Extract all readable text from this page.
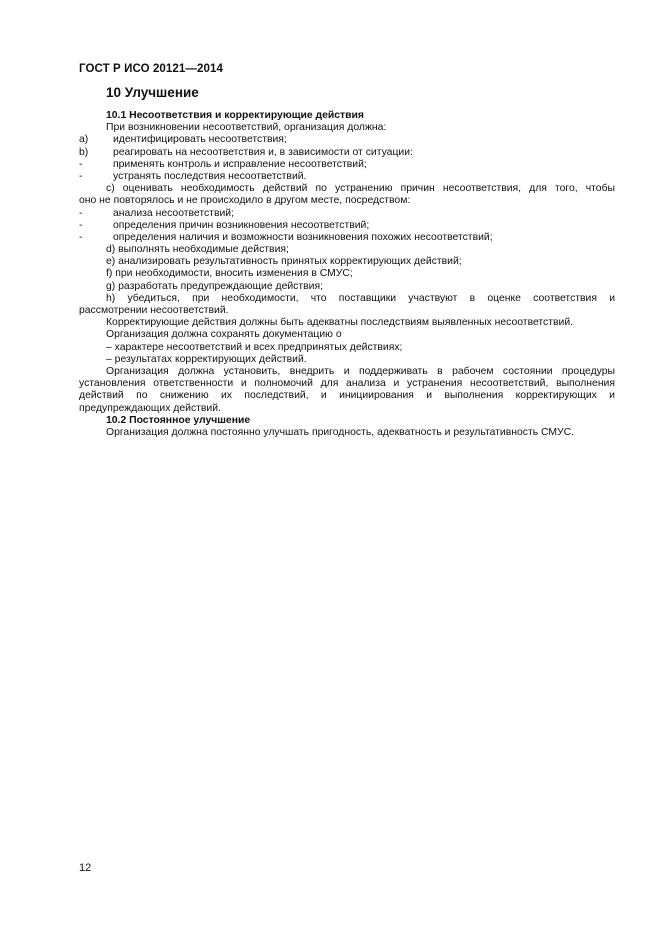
ГОСТ Р ИСО 20121—2014
10 Улучшение
10.1 Несоответствия и корректирующие действия
При возникновении несоответствий, организация должна:
a) идентифицировать несоответствия;
b) реагировать на несоответствия и, в зависимости от ситуации:
-	применять контроль и исправление несоответствий;
-	устранять последствия несоответствий.
c) оценивать необходимость действий по устранению причин несоответствия, для того, чтобы
оно не повторялось и не происходило в другом месте, посредством:
-	анализа несоответствий;
-	определения причин возникновения несоответствий;
-	определения наличия и возможности возникновения похожих несоответствий;
d) выполнять необходимые действия;
e) анализировать результативность принятых корректирующих действий;
f) при необходимости, вносить изменения в СМУС;
g) разработать предупреждающие действия;
h) убедиться, при необходимости, что поставщики участвуют в оценке соответствия и
рассмотрении несоответствий.
Корректирующие действия должны быть адекватны последствиям выявленных несоответствий.
Организация должна сохранять документацию о
– характере несоответствий и всех предпринятых действиях;
– результатах корректирующих действий.
Организация должна установить, внедрить и поддерживать в рабочем состоянии процедуры
установления ответственности и полномочий для анализа и устранения несоответствий, выполнения
действий по снижению их последствий, и инициирования и выполнения корректирующих и
предупреждающих действий.
10.2 Постоянное улучшение
Организация должна постоянно улучшать пригодность, адекватность и результативность СМУС.
12
